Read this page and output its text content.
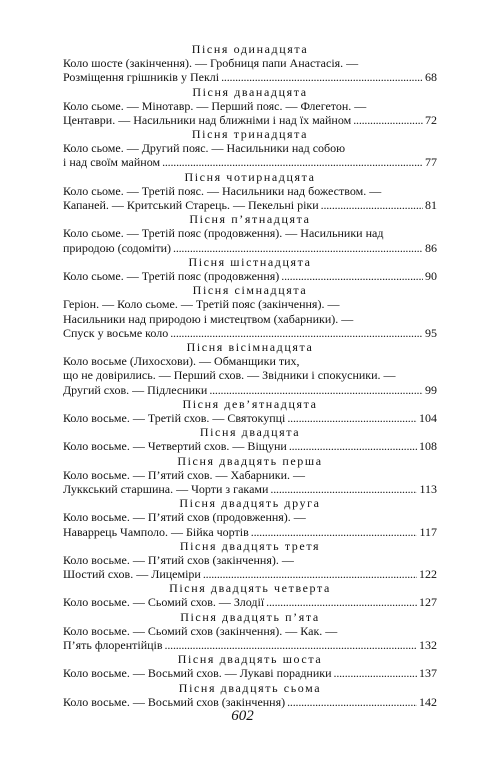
Пісня одинадцята
Коло шосте (закінчення). — Гробниця папи Анастасія. —
Розміщення грішників у Пеклі . . .	68
Пісня дванадцята
Коло сьоме. — Мінотавр. — Перший пояс. — Флегетон. —
Центаври. — Насильники над ближніми і над їх майном . . .	72
Пісня тринадцята
Коло сьоме. — Другий пояс. — Насильники над собою
і над своїм майном . . .	77
Пісня чотирнадцята
Коло сьоме. — Третій пояс. — Насильники над божеством. —
Капаней. — Критський Старець. — Пекельні ріки . . .	81
Пісня п’ятнадцята
Коло сьоме. — Третій пояс (продовження). — Насильники над
природою (содоміти) . . .	86
Пісня шістнадцята
Коло сьоме. — Третій пояс (продовження) . . .	90
Пісня сімнадцята
Геріон. — Коло сьоме. — Третій пояс (закінчення). —
Насильники над природою і мистецтвом (хабарники). —
Спуск у восьме коло . . .	95
Пісня вісімнадцята
Коло восьме (Лихосхови). — Обманщики тих,
що не довірились. — Перший схов. — Звідники і спокусники. —
Другий схов. — Підлесники . . .	99
Пісня дев’ятнадцята
Коло восьме. — Третій схов. — Святокупці . . .	104
Пісня двадцята
Коло восьме. — Четвертий схов. — Віщуни . . .	108
Пісня двадцять перша
Коло восьме. — П’ятий схов. — Хабарники. —
Луккський старшина. — Чорти з гаками . . .	113
Пісня двадцять друга
Коло восьме. — П’ятий схов (продовження). —
Наваррець Чамполо. — Бійка чортів . . .	117
Пісня двадцять третя
Коло восьме. — П’ятий схов (закінчення). —
Шостий схов. — Лицеміри . . .	122
Пісня двадцять четверта
Коло восьме. — Сьомий схов. — Злодії . . .	127
Пісня двадцять п’ята
Коло восьме. — Сьомий схов (закінчення). — Как. —
П’ять флорентійців . . .	132
Пісня двадцять шоста
Коло восьме. — Восьмий схов. — Лукаві порадники . . .	137
Пісня двадцять сьома
Коло восьме. — Восьмий схов (закінчення) . . .	142
602
